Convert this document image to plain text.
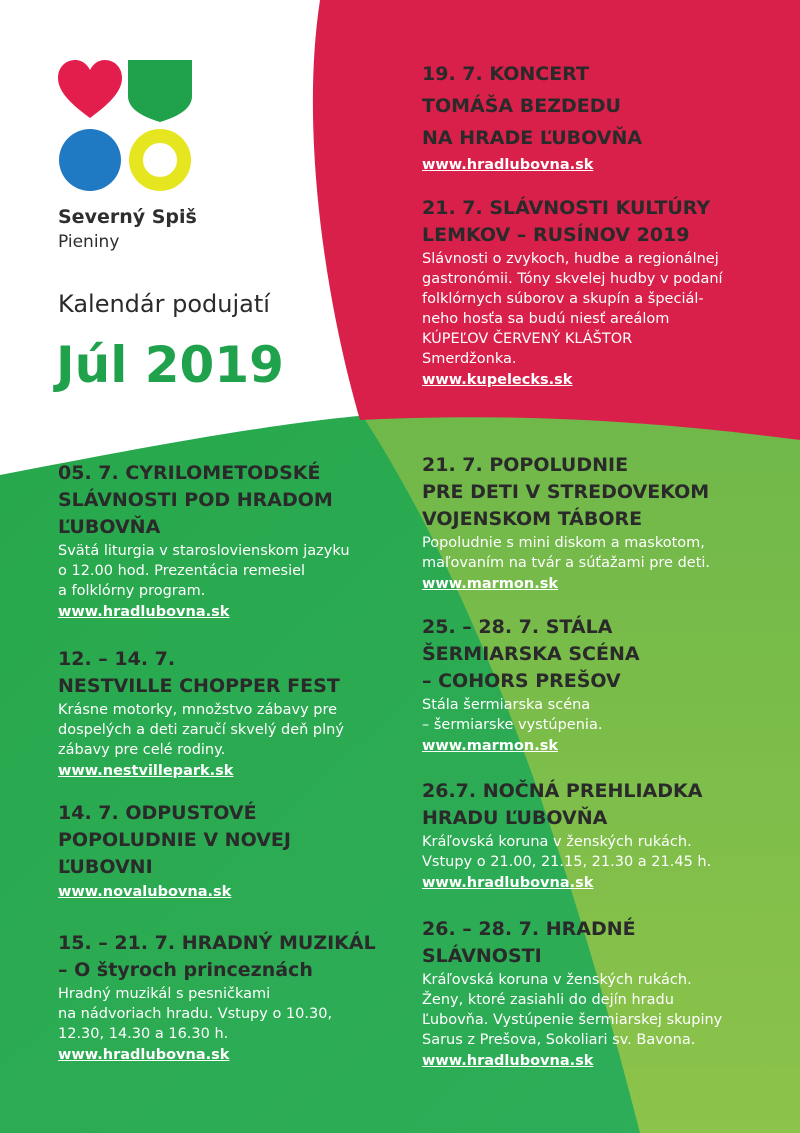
Severný Spiš
Pieniny
Kalendár podujatí
Júl 2019
05. 7. CYRILOMETODSKÉ
SLÁVNOSTI POD HRADOM
ĽUBOVŇA
Svätá liturgia v staroslovienskom jazyku
o 12.00 hod. Prezentácia remesiel
a folklórny program.
www.hradlubovna.sk
12. – 14. 7.
NESTVILLE CHOPPER FEST
Krásne motorky, množstvo zábavy pre
dospelých a deti zaručí skvelý deň plný
zábavy pre celé rodiny.
www.nestvillepark.sk
14. 7. ODPUSTOVÉ
POPOLUDNIE V NOVEJ
ĽUBOVNI
www.novalubovna.sk
15. – 21. 7. HRADNÝ MUZIKÁL
– O štyroch princeznách
Hradný muzikál s pesničkami
na nádvoriach hradu. Vstupy o 10.30,
12.30, 14.30 a 16.30 h.
www.hradlubovna.sk
19. 7. KONCERT
TOMÁŠA BEZDEDU
NA HRADE ĽUBOVŇA
www.hradlubovna.sk
21. 7. SLÁVNOSTI KULTÚRY
LEMKOV – RUSÍNOV 2019
Slávnosti o zvykoch, hudbe a regionálnej
gastronómii. Tóny skvelej hudby v podaní
folklórnych súborov a skupín a špeciál-
neho hosťa sa budú niesť areálom
KÚPEĽOV ČERVENÝ KLÁŠTOR
Smerdžonka.
www.kupelecks.sk
21. 7. POPOLUDNIE
PRE DETI V STREDOVEKOM
VOJENSKOM TÁBORE
Popoludnie s mini diskom a maskotom,
maľovaním na tvár a súťažami pre deti.
www.marmon.sk
25. – 28. 7. STÁLA
ŠERMIARSKA SCÉNA
– COHORS PREŠOV
Stála šermiarska scéna
– šermiarske vystúpenia.
www.marmon.sk
26.7. NOČNÁ PREHLIADKA
HRADU ĽUBOVŇA
Kráľovská koruna v ženských rukách.
Vstupy o 21.00, 21.15, 21.30 a 21.45 h.
www.hradlubovna.sk
26. – 28. 7. HRADNÉ
SLÁVNOSTI
Kráľovská koruna v ženských rukách.
Ženy, ktoré zasiahli do dejín hradu
Ľubovňa. Vystúpenie šermiarskej skupiny
Sarus z Prešova, Sokoliari sv. Bavona.
www.hradlubovna.sk
